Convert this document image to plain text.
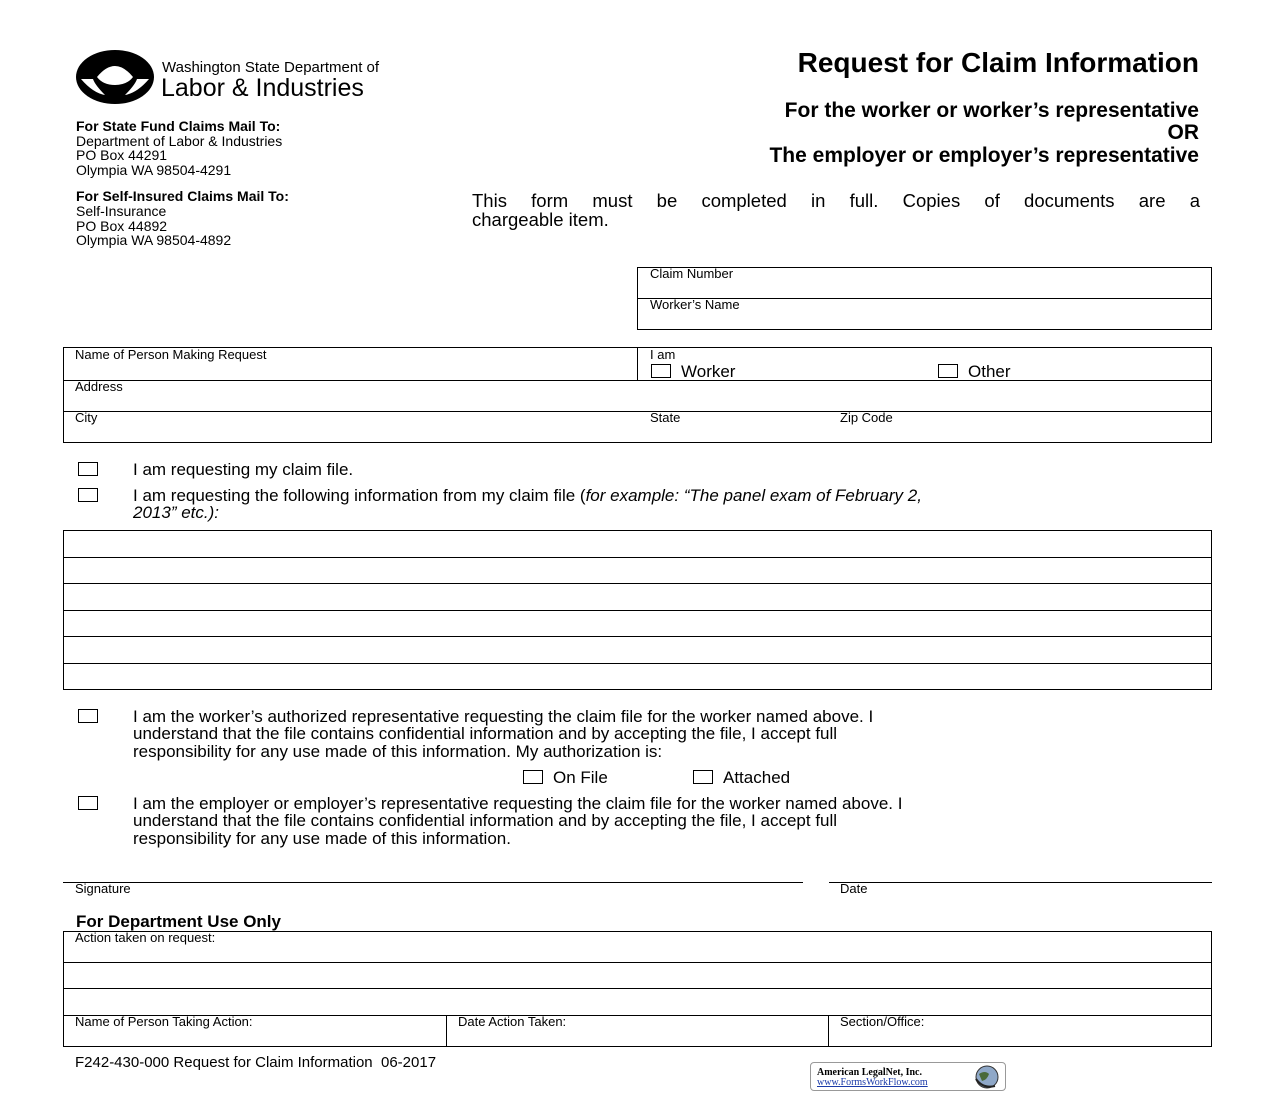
Washington State Department of
Labor & Industries
For State Fund Claims Mail To:
Department of Labor & Industries
PO Box 44291
Olympia WA 98504-4291
For Self-Insured Claims Mail To:
Self-Insurance
PO Box 44892
Olympia WA 98504-4892
Request for Claim Information
For the worker or worker’s representative
OR
The employer or employer’s representative
This form must be completed in full. Copies of documents are a
chargeable item.
Claim Number
Worker’s Name
Name of Person Making Request	I am
Worker	Other
Address
City	State	Zip Code
I am requesting my claim file.
I am requesting the following information from my claim file (for example: “The panel exam of February 2,
2013” etc.):
I am the worker’s authorized representative requesting the claim file for the worker named above. I
understand that the file contains confidential information and by accepting the file, I accept full
responsibility for any use made of this information. My authorization is:
On File	Attached
I am the employer or employer’s representative requesting the claim file for the worker named above. I
understand that the file contains confidential information and by accepting the file, I accept full
responsibility for any use made of this information.
Signature	Date
For Department Use Only
Action taken on request:
Name of Person Taking Action:	Date Action Taken:	Section/Office:
F242-430-000 Request for Claim Information  06-2017
American LegalNet, Inc.
www.FormsWorkFlow.com
